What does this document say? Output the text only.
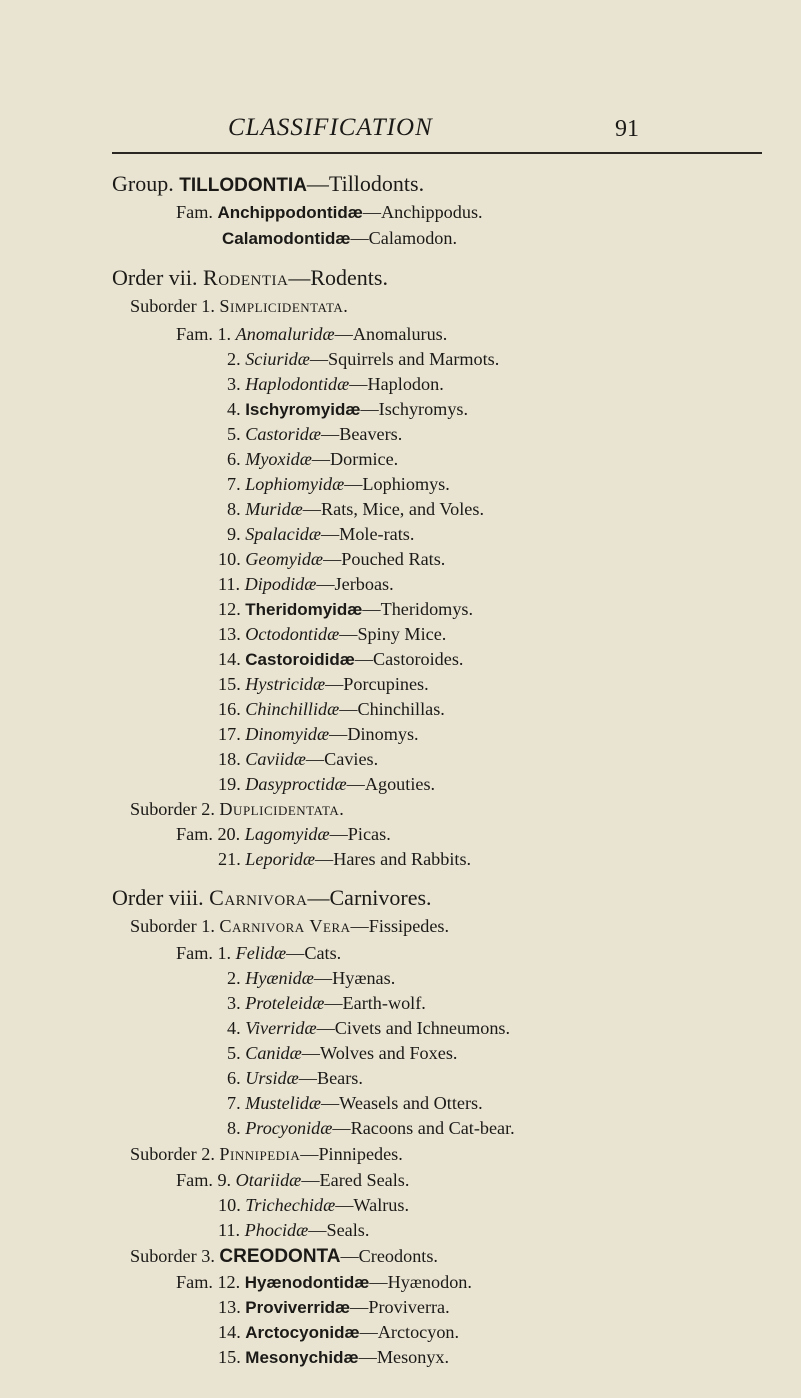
CLASSIFICATION	91
Group. TILLODONTIA—Tillodonts.
Fam. Anchippodontidæ—Anchippodus.
Calamodontidæ—Calamodon.
Order vii. Rodentia—Rodents.
Suborder 1. Simplicidentata.
Fam. 1. Anomaluridæ—Anomalurus.
2. Sciuridæ—Squirrels and Marmots.
3. Haplodontidæ—Haplodon.
4. Ischyromyidæ—Ischyromys.
5. Castoridæ—Beavers.
6. Myoxidæ—Dormice.
7. Lophiomyidæ—Lophiomys.
8. Muridæ—Rats, Mice, and Voles.
9. Spalacidæ—Mole-rats.
10. Geomyidæ—Pouched Rats.
11. Dipodidæ—Jerboas.
12. Theridomyidæ—Theridomys.
13. Octodontidæ—Spiny Mice.
14. Castoroididæ—Castoroides.
15. Hystricidæ—Porcupines.
16. Chinchillidæ—Chinchillas.
17. Dinomyidæ—Dinomys.
18. Caviidæ—Cavies.
19. Dasyproctidæ—Agouties.
Suborder 2. Duplicidentata.
Fam. 20. Lagomyidæ—Picas.
21. Leporidæ—Hares and Rabbits.
Order viii. Carnivora—Carnivores.
Suborder 1. Carnivora Vera—Fissipedes.
Fam. 1. Felidæ—Cats.
2. Hyænidæ—Hyænas.
3. Proteleidæ—Earth-wolf.
4. Viverridæ—Civets and Ichneumons.
5. Canidæ—Wolves and Foxes.
6. Ursidæ—Bears.
7. Mustelidæ—Weasels and Otters.
8. Procyonidæ—Racoons and Cat-bear.
Suborder 2. Pinnipedia—Pinnipedes.
Fam. 9. Otariidæ—Eared Seals.
10. Trichechidæ—Walrus.
11. Phocidæ—Seals.
Suborder 3. CREODONTA—Creodonts.
Fam. 12. Hyænodontidæ—Hyænodon.
13. Proviverridæ—Proviverra.
14. Arctocyonidæ—Arctocyon.
15. Mesonychidæ—Mesonyx.
